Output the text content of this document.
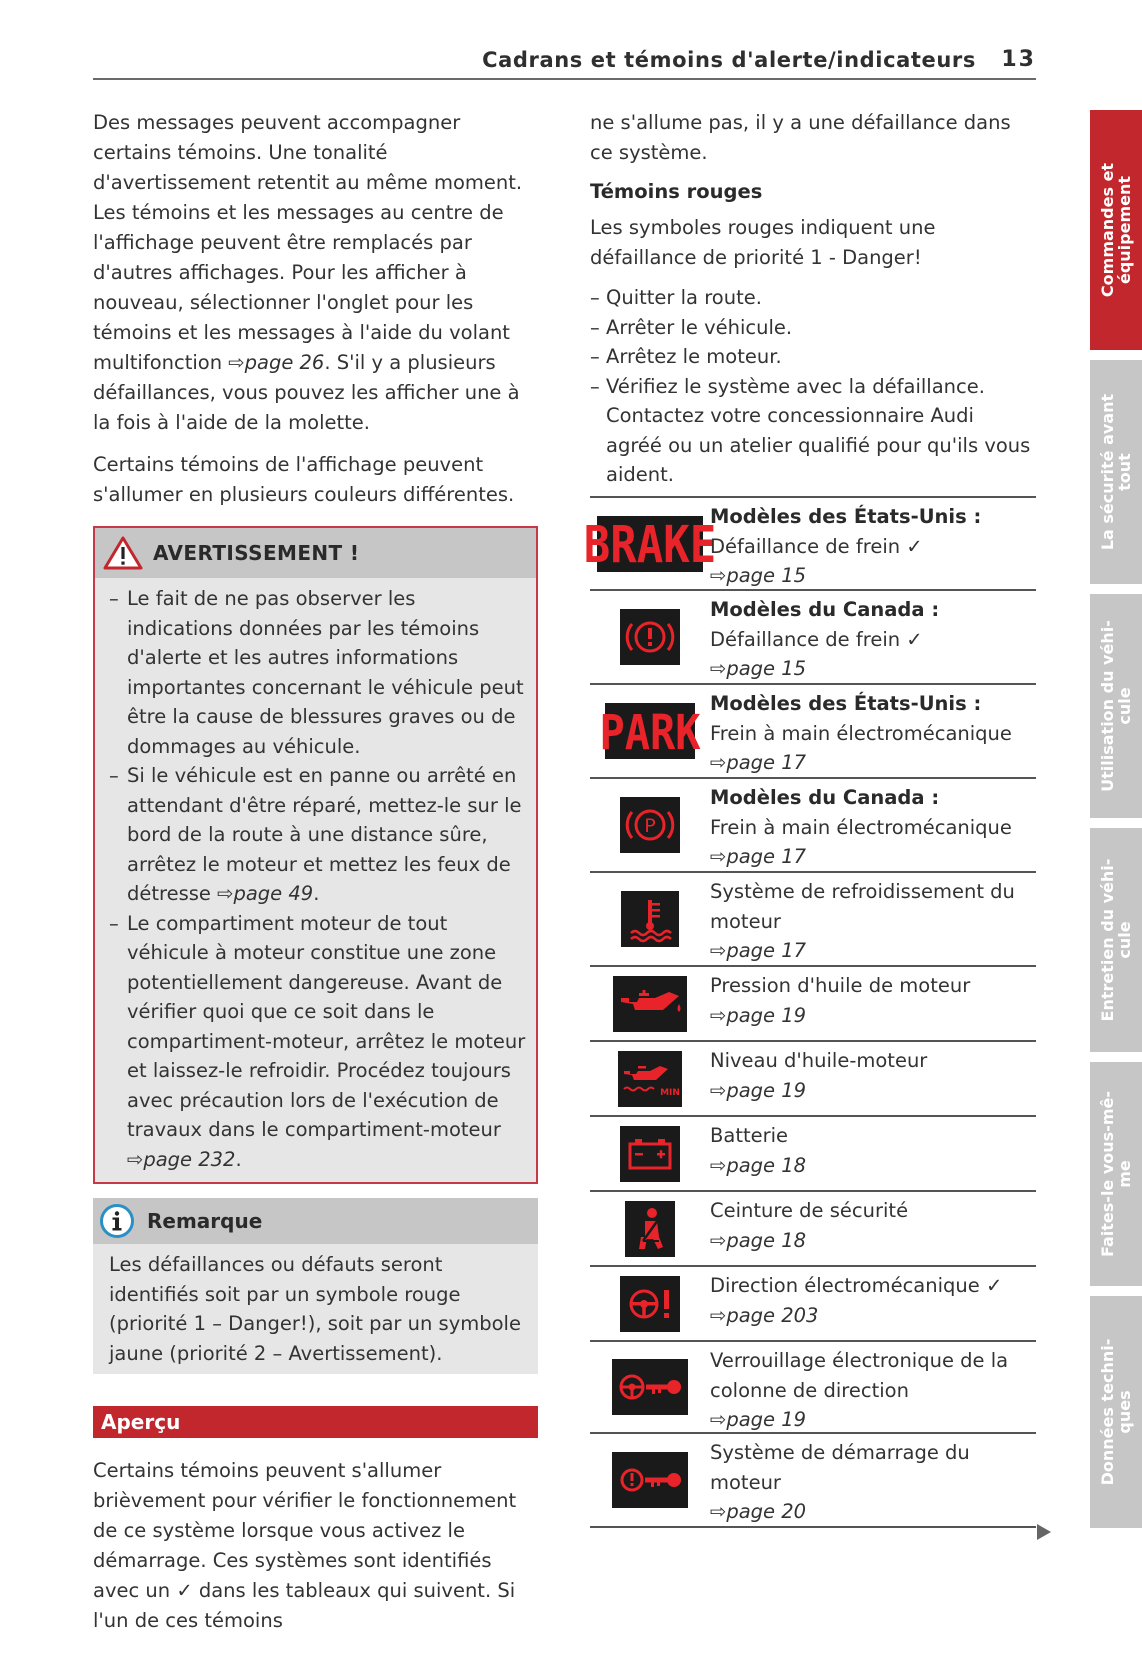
Cadrans et témoins d'alerte/indicateurs 13

Des messages peuvent accompagner certains témoins. Une tonalité d'avertissement retentit au même moment. Les témoins et les messages au centre de l'affichage peuvent être remplacés par d'autres affichages. Pour les afficher à nouveau, sélectionner l'onglet pour les témoins et les messages à l'aide du volant multifonction ⇨page 26. S'il y a plusieurs défaillances, vous pouvez les afficher une à la fois à l'aide de la molette.

Certains témoins de l'affichage peuvent s'allumer en plusieurs couleurs différentes.

AVERTISSEMENT !
– Le fait de ne pas observer les indications données par les témoins d'alerte et les autres informations importantes concernant le véhicule peut être la cause de blessures graves ou de dommages au véhicule.
– Si le véhicule est en panne ou arrêté en attendant d'être réparé, mettez-le sur le bord de la route à une distance sûre, arrêtez le moteur et mettez les feux de détresse ⇨page 49.
– Le compartiment moteur de tout véhicule à moteur constitue une zone potentiellement dangereuse. Avant de vérifier quoi que ce soit dans le compartiment-moteur, arrêtez le moteur et laissez-le refroidir. Procédez toujours avec précaution lors de l'exécution de travaux dans le compartiment-moteur ⇨page 232.
Remarque
Les défaillances ou défauts seront identifiés soit par un symbole rouge (priorité 1 – Danger!), soit par un symbole jaune (priorité 2 – Avertissement).
Aperçu
Certains témoins peuvent s'allumer brièvement pour vérifier le fonctionnement de ce système lorsque vous activez le démarrage. Ces systèmes sont identifiés avec un ✓ dans les tableaux qui suivent. Si l'un de ces témoins

ne s'allume pas, il y a une défaillance dans ce système.

Témoins rouges

Les symboles rouges indiquent une défaillance de priorité 1 - Danger!

– Quitter la route.
– Arrêter le véhicule.
– Arrêtez le moteur.
– Vérifiez le système avec la défaillance. Contactez votre concessionnaire Audi agréé ou un atelier qualifié pour qu'ils vous aident.
BRAKE
Modèles des États-Unis :
Défaillance de frein ✓
⇨page 15
Modèles du Canada :
Défaillance de frein ✓
⇨page 15
PARK
Modèles des États-Unis :
Frein à main électromécanique
⇨page 17
P
Modèles du Canada :
Frein à main électromécanique
⇨page 17
Système de refroidissement du moteur
⇨page 17
Pression d'huile de moteur
⇨page 19
MIN
Niveau d'huile-moteur
⇨page 19
Batterie
⇨page 18
Ceinture de sécurité
⇨page 18
Direction électromécanique ✓
⇨page 203
Verrouillage électronique de la colonne de direction
⇨page 19
Système de démarrage du moteur
⇨page 20
Commandes et
équipement
La sécurité avant
tout
Utilisation du véhi-
cule
Entretien du véhi-
cule
Faites-le vous-mê-
me
Données techni-
ques
